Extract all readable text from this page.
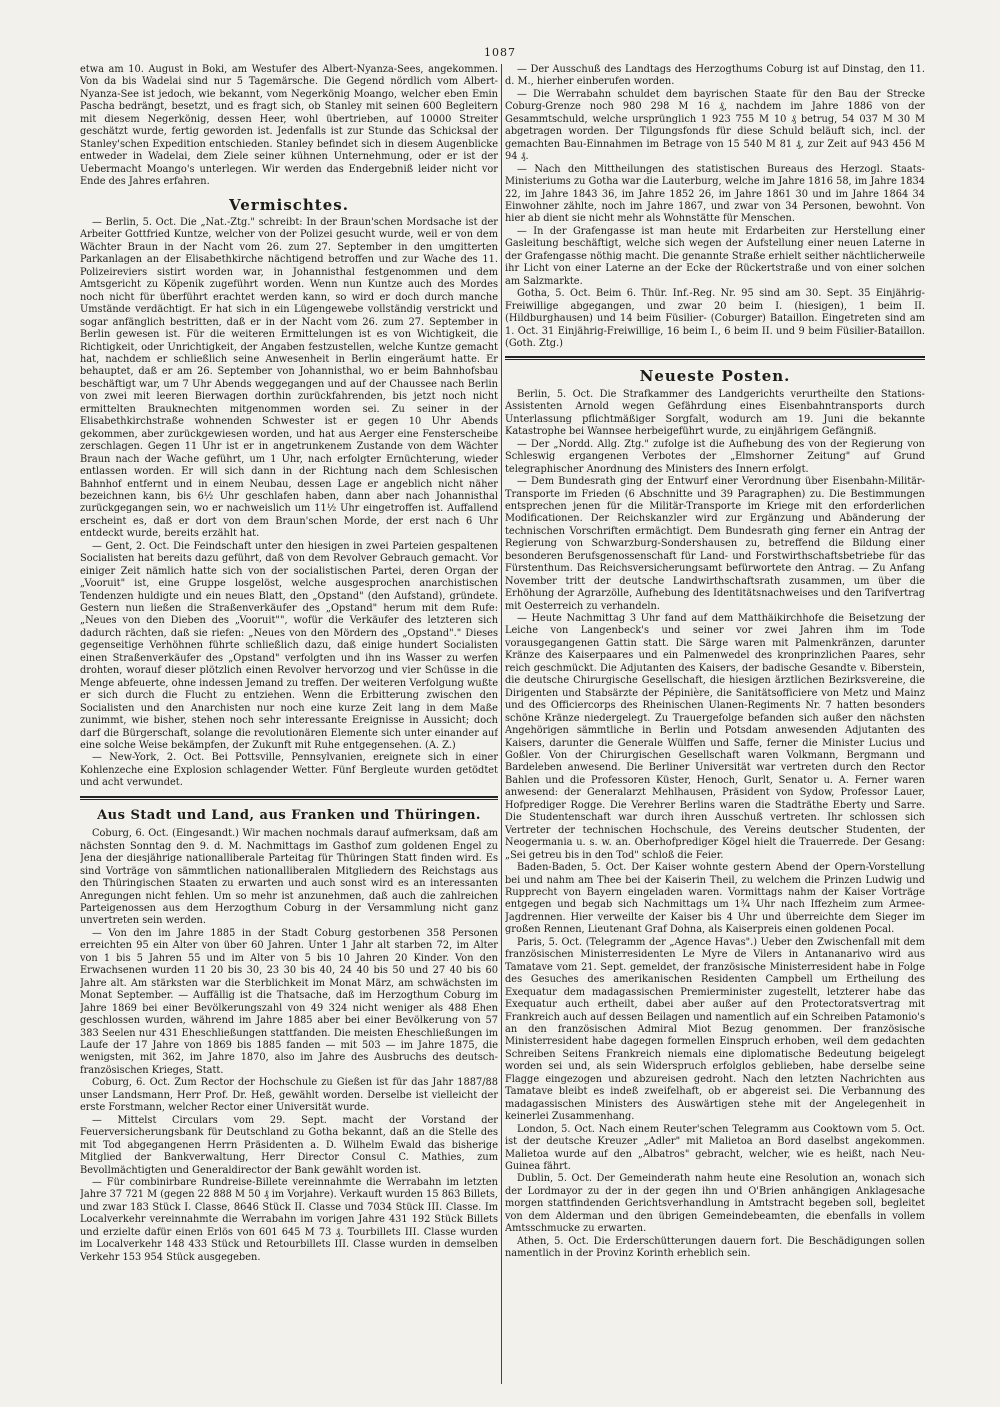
1087

etwa am 10. August in Boki, am Westufer des Albert-Nyanza-Sees, angekommen. Von da bis Wadelai sind nur 5 Tagemärsche. Die Gegend nördlich vom Albert-Nyanza-See ist jedoch, wie bekannt, vom Negerkönig Moango, welcher eben Emin Pascha bedrängt, besetzt, und es fragt sich, ob Stanley mit seinen 600 Begleitern mit diesem Negerkönig, dessen Heer, wohl übertrieben, auf 10000 Streiter geschätzt wurde, fertig geworden ist. Jedenfalls ist zur Stunde das Schicksal der Stanley'schen Expedition entschieden. Stanley befindet sich in diesem Augenblicke entweder in Wadelai, dem Ziele seiner kühnen Unternehmung, oder er ist der Uebermacht Moango's unterlegen. Wir werden das Endergebniß leider nicht vor Ende des Jahres erfahren.

Vermischtes.

— Berlin, 5. Oct. Die „Nat.-Ztg." schreibt: In der Braun'schen Mordsache ist der Arbeiter Gottfried Kuntze, welcher von der Polizei gesucht wurde, weil er von dem Wächter Braun in der Nacht vom 26. zum 27. September in den umgitterten Parkanlagen an der Elisabethkirche nächtigend betroffen und zur Wache des 11. Polizeireviers sistirt worden war, in Johannisthal festgenommen und dem Amtsgericht zu Köpenik zugeführt worden. Wenn nun Kuntze auch des Mordes noch nicht für überführt erachtet werden kann, so wird er doch durch manche Umstände verdächtigt. Er hat sich in ein Lügengewebe vollständig verstrickt und sogar anfänglich bestritten, daß er in der Nacht vom 26. zum 27. September in Berlin gewesen ist. Für die weiteren Ermittelungen ist es von Wichtigkeit, die Richtigkeit, oder Unrichtigkeit, der Angaben festzustellen, welche Kuntze gemacht hat, nachdem er schließlich seine Anwesenheit in Berlin eingeräumt hatte. Er behauptet, daß er am 26. September von Johannisthal, wo er beim Bahnhofsbau beschäftigt war, um 7 Uhr Abends weggegangen und auf der Chaussee nach Berlin von zwei mit leeren Bierwagen dorthin zurückfahrenden, bis jetzt noch nicht ermittelten Brauknechten mitgenommen worden sei. Zu seiner in der Elisabethkirchstraße wohnenden Schwester ist er gegen 10 Uhr Abends gekommen, aber zurückgewiesen worden, und hat aus Aerger eine Fensterscheibe zerschlagen. Gegen 11 Uhr ist er in angetrunkenem Zustande von dem Wächter Braun nach der Wache geführt, um 1 Uhr, nach erfolgter Ernüchterung, wieder entlassen worden. Er will sich dann in der Richtung nach dem Schlesischen Bahnhof entfernt und in einem Neubau, dessen Lage er angeblich nicht näher bezeichnen kann, bis 6½ Uhr geschlafen haben, dann aber nach Johannisthal zurückgegangen sein, wo er nachweislich um 11½ Uhr eingetroffen ist. Auffallend erscheint es, daß er dort von dem Braun'schen Morde, der erst nach 6 Uhr entdeckt wurde, bereits erzählt hat.

— Gent, 2. Oct. Die Feindschaft unter den hiesigen in zwei Parteien gespaltenen Socialisten hat bereits dazu geführt, daß von dem Revolver Gebrauch gemacht. Vor einiger Zeit nämlich hatte sich von der socialistischen Partei, deren Organ der „Vooruit" ist, eine Gruppe losgelöst, welche ausgesprochen anarchistischen Tendenzen huldigte und ein neues Blatt, den „Opstand" (den Aufstand), gründete. Gestern nun ließen die Straßenverkäufer des „Opstand" herum mit dem Rufe: „Neues von den Dieben des „Vooruit"", wofür die Verkäufer des letzteren sich dadurch rächten, daß sie riefen: „Neues von den Mördern des „Opstand"." Dieses gegenseitige Verhöhnen führte schließlich dazu, daß einige hundert Socialisten einen Straßenverkäufer des „Opstand" verfolgten und ihn ins Wasser zu werfen drohten, worauf dieser plötzlich einen Revolver hervorzog und vier Schüsse in die Menge abfeuerte, ohne indessen Jemand zu treffen. Der weiteren Verfolgung wußte er sich durch die Flucht zu entziehen. Wenn die Erbitterung zwischen den Socialisten und den Anarchisten nur noch eine kurze Zeit lang in dem Maße zunimmt, wie bisher, stehen noch sehr interessante Ereignisse in Aussicht; doch darf die Bürgerschaft, solange die revolutionären Elemente sich unter einander auf eine solche Weise bekämpfen, der Zukunft mit Ruhe entgegensehen. (A. Z.)

— New-York, 2. Oct. Bei Pottsville, Pennsylvanien, ereignete sich in einer Kohlenzeche eine Explosion schlagender Wetter. Fünf Bergleute wurden getödtet und acht verwundet.

Aus Stadt und Land, aus Franken und Thüringen.

Coburg, 6. Oct. (Eingesandt.) Wir machen nochmals darauf aufmerksam, daß am nächsten Sonntag den 9. d. M. Nachmittags im Gasthof zum goldenen Engel zu Jena der diesjährige nationalliberale Parteitag für Thüringen Statt finden wird. Es sind Vorträge von sämmtlichen nationalliberalen Mitgliedern des Reichstags aus den Thüringischen Staaten zu erwarten und auch sonst wird es an interessanten Anregungen nicht fehlen. Um so mehr ist anzunehmen, daß auch die zahlreichen Parteigenossen aus dem Herzogthum Coburg in der Versammlung nicht ganz unvertreten sein werden.

— Von den im Jahre 1885 in der Stadt Coburg gestorbenen 358 Personen erreichten 95 ein Alter von über 60 Jahren. Unter 1 Jahr alt starben 72, im Alter von 1 bis 5 Jahren 55 und im Alter von 5 bis 10 Jahren 20 Kinder. Von den Erwachsenen wurden 11 20 bis 30, 23 30 bis 40, 24 40 bis 50 und 27 40 bis 60 Jahre alt. Am stärksten war die Sterblichkeit im Monat März, am schwächsten im Monat September. — Auffällig ist die Thatsache, daß im Herzogthum Coburg im Jahre 1869 bei einer Bevölkerungszahl von 49 324 nicht weniger als 488 Ehen geschlossen wurden, während im Jahre 1885 aber bei einer Bevölkerung von 57 383 Seelen nur 431 Eheschließungen stattfanden. Die meisten Eheschließungen im Laufe der 17 Jahre von 1869 bis 1885 fanden — mit 503 — im Jahre 1875, die wenigsten, mit 362, im Jahre 1870, also im Jahre des Ausbruchs des deutsch-französischen Krieges, Statt.

Coburg, 6. Oct. Zum Rector der Hochschule zu Gießen ist für das Jahr 1887/88 unser Landsmann, Herr Prof. Dr. Heß, gewählt worden. Derselbe ist vielleicht der erste Forstmann, welcher Rector einer Universität wurde.

— Mittelst Circulars vom 29. Sept. macht der Vorstand der Feuerversicherungsbank für Deutschland zu Gotha bekannt, daß an die Stelle des mit Tod abgegangenen Herrn Präsidenten a. D. Wilhelm Ewald das bisherige Mitglied der Bankverwaltung, Herr Director Consul C. Mathies, zum Bevollmächtigten und Generaldirector der Bank gewählt worden ist.

— Für combinirbare Rundreise-Billete vereinnahmte die Werrabahn im letzten Jahre 37 721 M (gegen 22 888 M 50 ₰ im Vorjahre). Verkauft wurden 15 863 Billets, und zwar 183 Stück I. Classe, 8646 Stück II. Classe und 7034 Stück III. Classe. Im Localverkehr vereinnahmte die Werrabahn im vorigen Jahre 431 192 Stück Billets und erzielte dafür einen Erlös von 601 645 M 73 ₰. Tourbillets III. Classe wurden im Localverkehr 148 433 Stück und Retourbillets III. Classe wurden in demselben Verkehr 153 954 Stück ausgegeben.

— Der Ausschuß des Landtags des Herzogthums Coburg ist auf Dinstag, den 11. d. M., hierher einberufen worden.

— Die Werrabahn schuldet dem bayrischen Staate für den Bau der Strecke Coburg-Grenze noch 980 298 M 16 ₰, nachdem im Jahre 1886 von der Gesammtschuld, welche ursprünglich 1 923 755 M 10 ₰ betrug, 54 037 M 30 M abgetragen worden. Der Tilgungsfonds für diese Schuld beläuft sich, incl. der gemachten Bau-Einnahmen im Betrage von 15 540 M 81 ₰, zur Zeit auf 943 456 M 94 ₰.

— Nach den Mittheilungen des statistischen Bureaus des Herzogl. Staats-Ministeriums zu Gotha war die Lauterburg, welche im Jahre 1816 58, im Jahre 1834 22, im Jahre 1843 36, im Jahre 1852 26, im Jahre 1861 30 und im Jahre 1864 34 Einwohner zählte, noch im Jahre 1867, und zwar von 34 Personen, bewohnt. Von hier ab dient sie nicht mehr als Wohnstätte für Menschen.

— In der Grafengasse ist man heute mit Erdarbeiten zur Herstellung einer Gasleitung beschäftigt, welche sich wegen der Aufstellung einer neuen Laterne in der Grafengasse nöthig macht. Die genannte Straße erhielt seither nächtlicherweile ihr Licht von einer Laterne an der Ecke der Rückertstraße und von einer solchen am Salzmarkte.

Gotha, 5. Oct. Beim 6. Thür. Inf.-Reg. Nr. 95 sind am 30. Sept. 35 Einjährig-Freiwillige abgegangen, und zwar 20 beim I. (hiesigen), 1 beim II. (Hildburghausen) und 14 beim Füsilier- (Coburger) Bataillon. Eingetreten sind am 1. Oct. 31 Einjährig-Freiwillige, 16 beim I., 6 beim II. und 9 beim Füsilier-Bataillon. (Goth. Ztg.)

Neueste Posten.

Berlin, 5. Oct. Die Strafkammer des Landgerichts verurtheilte den Stations-Assistenten Arnold wegen Gefährdung eines Eisenbahntransports durch Unterlassung pflichtmäßiger Sorgfalt, wodurch am 19. Juni die bekannte Katastrophe bei Wannsee herbeigeführt wurde, zu einjährigem Gefängniß.

— Der „Nordd. Allg. Ztg." zufolge ist die Aufhebung des von der Regierung von Schleswig ergangenen Verbotes der „Elmshorner Zeitung" auf Grund telegraphischer Anordnung des Ministers des Innern erfolgt.

— Dem Bundesrath ging der Entwurf einer Verordnung über Eisenbahn-Militär-Transporte im Frieden (6 Abschnitte und 39 Paragraphen) zu. Die Bestimmungen entsprechen jenen für die Militär-Transporte im Kriege mit den erforderlichen Modificationen. Der Reichskanzler wird zur Ergänzung und Abänderung der technischen Vorschriften ermächtigt. Dem Bundesrath ging ferner ein Antrag der Regierung von Schwarzburg-Sondershausen zu, betreffend die Bildung einer besonderen Berufsgenossenschaft für Land- und Forstwirthschaftsbetriebe für das Fürstenthum. Das Reichsversicherungsamt befürwortete den Antrag. — Zu Anfang November tritt der deutsche Landwirthschaftsrath zusammen, um über die Erhöhung der Agrarzölle, Aufhebung des Identitätsnachweises und den Tarifvertrag mit Oesterreich zu verhandeln.

— Heute Nachmittag 3 Uhr fand auf dem Matthäikirchhofe die Beisetzung der Leiche von Langenbeck's und seiner vor zwei Jahren ihm im Tode vorausgegangenen Gattin statt. Die Särge waren mit Palmenkränzen, darunter Kränze des Kaiserpaares und ein Palmenwedel des kronprinzlichen Paares, sehr reich geschmückt. Die Adjutanten des Kaisers, der badische Gesandte v. Biberstein, die deutsche Chirurgische Gesellschaft, die hiesigen ärztlichen Bezirksvereine, die Dirigenten und Stabsärzte der Pépinière, die Sanitätsofficiere von Metz und Mainz und des Officiercorps des Rheinischen Ulanen-Regiments Nr. 7 hatten besonders schöne Kränze niedergelegt. Zu Trauergefolge befanden sich außer den nächsten Angehörigen sämmtliche in Berlin und Potsdam anwesenden Adjutanten des Kaisers, darunter die Generale Wülffen und Saffe, ferner die Minister Lucius und Goßler. Von der Chirurgischen Gesellschaft waren Volkmann, Bergmann und Bardeleben anwesend. Die Berliner Universität war vertreten durch den Rector Bahlen und die Professoren Küster, Henoch, Gurlt, Senator u. A. Ferner waren anwesend: der Generalarzt Mehlhausen, Präsident von Sydow, Professor Lauer, Hofprediger Rogge. Die Verehrer Berlins waren die Stadträthe Eberty und Sarre. Die Studentenschaft war durch ihren Ausschuß vertreten. Ihr schlossen sich Vertreter der technischen Hochschule, des Vereins deutscher Studenten, der Neogermania u. s. w. an. Oberhofprediger Kögel hielt die Trauerrede. Der Gesang: „Sei getreu bis in den Tod" schloß die Feier.

Baden-Baden, 5. Oct. Der Kaiser wohnte gestern Abend der Opern-Vorstellung bei und nahm am Thee bei der Kaiserin Theil, zu welchem die Prinzen Ludwig und Rupprecht von Bayern eingeladen waren. Vormittags nahm der Kaiser Vorträge entgegen und begab sich Nachmittags um 1¾ Uhr nach Iffezheim zum Armee-Jagdrennen. Hier verweilte der Kaiser bis 4 Uhr und überreichte dem Sieger im großen Rennen, Lieutenant Graf Dohna, als Kaiserpreis einen goldenen Pocal.

Paris, 5. Oct. (Telegramm der „Agence Havas".) Ueber den Zwischenfall mit dem französischen Ministerresidenten Le Myre de Vilers in Antananarivo wird aus Tamatave vom 21. Sept. gemeldet, der französische Ministerresident habe in Folge des Gesuches des amerikanischen Residenten Campbell um Ertheilung des Exequatur dem madagassischen Premierminister zugestellt, letzterer habe das Exequatur auch ertheilt, dabei aber außer auf den Protectoratsvertrag mit Frankreich auch auf dessen Beilagen und namentlich auf ein Schreiben Patamonio's an den französischen Admiral Miot Bezug genommen. Der französische Ministerresident habe dagegen formellen Einspruch erhoben, weil dem gedachten Schreiben Seitens Frankreich niemals eine diplomatische Bedeutung beigelegt worden sei und, als sein Widerspruch erfolglos geblieben, habe derselbe seine Flagge eingezogen und abzureisen gedroht. Nach den letzten Nachrichten aus Tamatave bleibt es indeß zweifelhaft, ob er abgereist sei. Die Verbannung des madagassischen Ministers des Auswärtigen stehe mit der Angelegenheit in keinerlei Zusammenhang.

London, 5. Oct. Nach einem Reuter'schen Telegramm aus Cooktown vom 5. Oct. ist der deutsche Kreuzer „Adler" mit Malietoa an Bord daselbst angekommen. Malietoa wurde auf den „Albatros" gebracht, welcher, wie es heißt, nach Neu-Guinea fährt.

Dublin, 5. Oct. Der Gemeinderath nahm heute eine Resolution an, wonach sich der Lordmayor zu der in der gegen ihn und O'Brien anhängigen Anklagesache morgen stattfindenden Gerichtsverhandlung in Amtstracht begeben soll, begleitet von dem Alderman und den übrigen Gemeindebeamten, die ebenfalls in vollem Amtsschmucke zu erwarten.

Athen, 5. Oct. Die Erderschütterungen dauern fort. Die Beschädigungen sollen namentlich in der Provinz Korinth erheblich sein.
